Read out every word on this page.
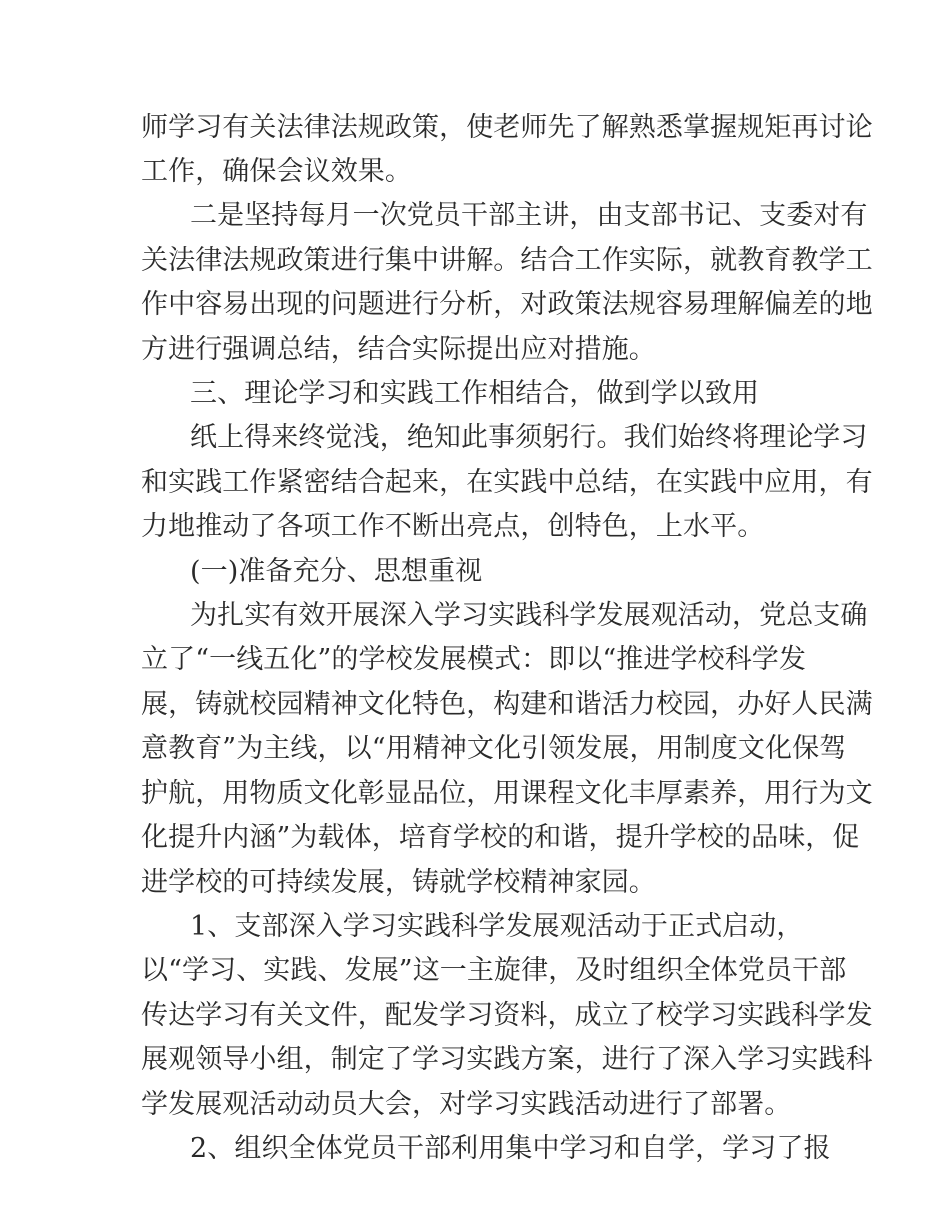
师学习有关法律法规政策，使老师先了解熟悉掌握规矩再讨论

工作，确保会议效果。

二是坚持每月一次党员干部主讲，由支部书记、支委对有

关法律法规政策进行集中讲解。结合工作实际，就教育教学工

作中容易出现的问题进行分析，对政策法规容易理解偏差的地

方进行强调总结，结合实际提出应对措施。

三、理论学习和实践工作相结合，做到学以致用

纸上得来终觉浅，绝知此事须躬行。我们始终将理论学习

和实践工作紧密结合起来，在实践中总结，在实践中应用，有

力地推动了各项工作不断出亮点，创特色，上水平。

(一)准备充分、思想重视

为扎实有效开展深入学习实践科学发展观活动，党总支确

立了“一线五化”的学校发展模式：即以“推进学校科学发

展，铸就校园精神文化特色，构建和谐活力校园，办好人民满

意教育”为主线，以“用精神文化引领发展，用制度文化保驾

护航，用物质文化彰显品位，用课程文化丰厚素养，用行为文

化提升内涵”为载体，培育学校的和谐，提升学校的品味，促

进学校的可持续发展，铸就学校精神家园。

1、支部深入学习实践科学发展观活动于正式启动，

以“学习、实践、发展”这一主旋律，及时组织全体党员干部

传达学习有关文件，配发学习资料，成立了校学习实践科学发

展观领导小组，制定了学习实践方案，进行了深入学习实践科

学发展观活动动员大会，对学习实践活动进行了部署。

2、组织全体党员干部利用集中学习和自学，学习了报
